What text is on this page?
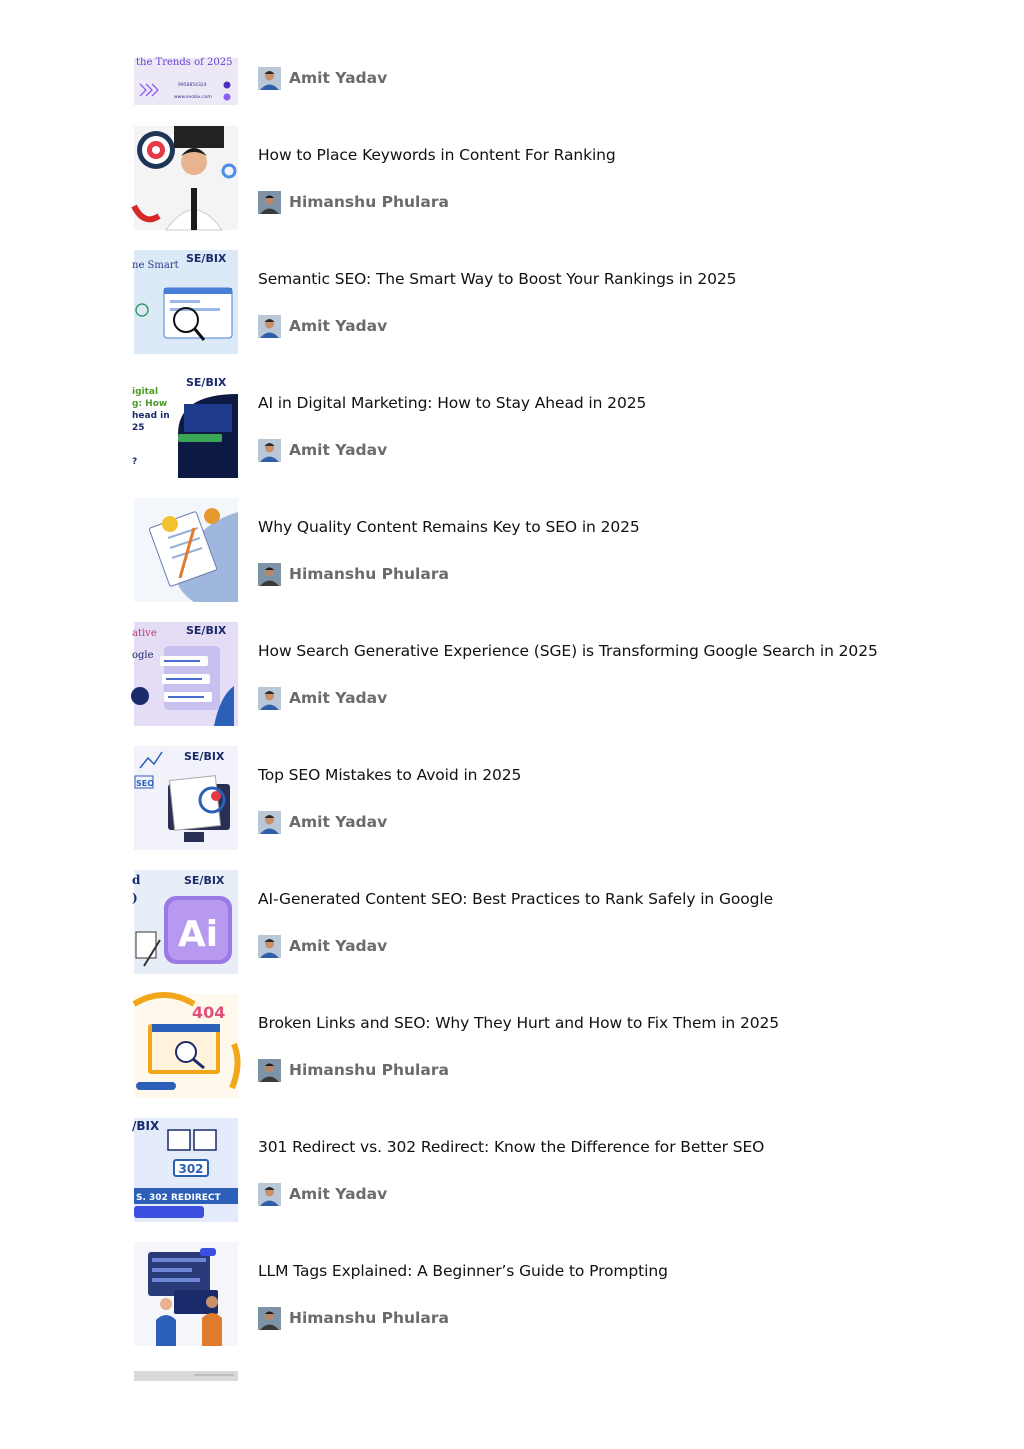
the Trends of 2025
9958854324
www.seobix.com
Amit Yadav
How to Place Keywords in Content For Ranking
Himanshu Phulara
SE∕BIX
ne Smart
Semantic SEO: The Smart Way to Boost Your Rankings in 2025
Amit Yadav
SE∕BIX
igital
g: How
head in
25
?
AI in Digital Marketing: How to Stay Ahead in 2025
Amit Yadav
Why Quality Content Remains Key to SEO in 2025
Himanshu Phulara
SE∕BIX
ative
ogle	How Search Generative Experience (SGE) is Transforming Google Search in 2025
Amit Yadav
SE∕BIX
SEO	Top SEO Mistakes to Avoid in 2025
Amit Yadav
SE∕BIX
d
)
Ai
AI-Generated Content SEO: Best Practices to Rank Safely in Google
Amit Yadav
404
Broken Links and SEO: Why They Hurt and How to Fix Them in 2025
Himanshu Phulara
/BIX
302
S. 302 REDIRECT
301 Redirect vs. 302 Redirect: Know the Difference for Better SEO
Amit Yadav
LLM Tags Explained: A Beginner’s Guide to Prompting
Himanshu Phulara
